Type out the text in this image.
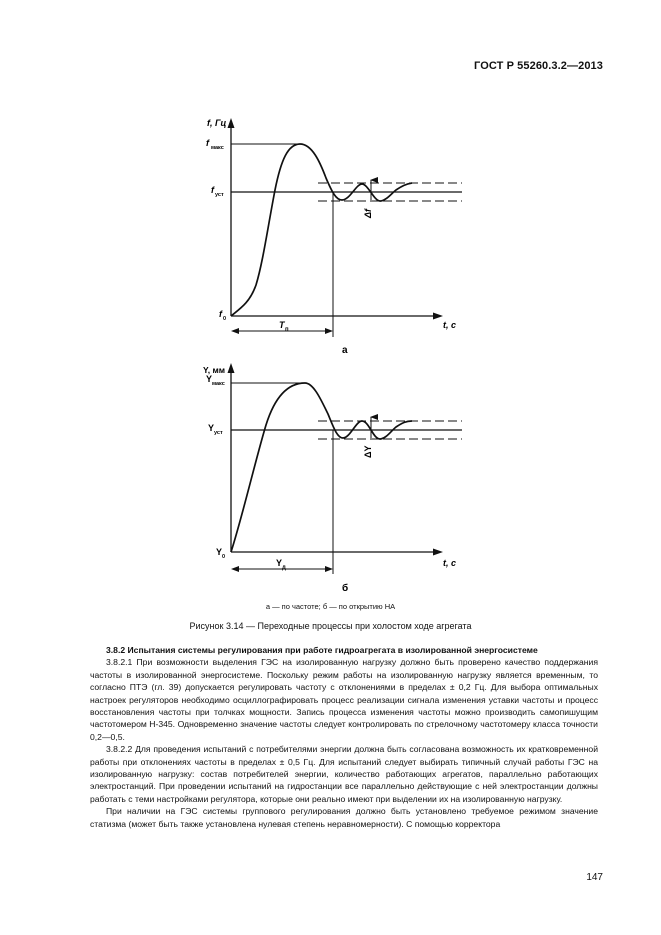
ГОСТ Р 55260.3.2—2013
f, Гц
f макс
f уст
f 0
t, c
T п
Δf
а
Y, мм
Y макс
Y уст
Y 0
t, c
Y д
ΔY
б
а — по частоте; б — по открытию НА
Рисунок 3.14 — Переходные процессы при холостом ходе агрегата

3.8.2 Испытания системы регулирования при работе гидроагрегата в изолированной энергосистеме

3.8.2.1 При возможности выделения ГЭС на изолированную нагрузку должно быть проверено качество поддержания частоты в изолированной энергосистеме. Поскольку режим работы на изолированную нагрузку является временным, то согласно ПТЭ (гл. 39) допускается регулировать частоту с отклонениями в пределах ± 0,2 Гц. Для выбора оптимальных настроек регуляторов необходимо осциллографировать процесс реализации сигнала изменения уставки частоты и процесс восстановления частоты при толчках мощности. Запись процесса изменения частоты можно производить самопишущим частотомером Н-345. Одновременно значение частоты следует контролировать по стрелочному частотомеру класса точности 0,2—0,5.

3.8.2.2 Для проведения испытаний с потребителями энергии должна быть согласована возможность их кратковременной работы при отклонениях частоты в пределах ± 0,5 Гц. Для испытаний следует выбирать типичный случай работы ГЭС на изолированную нагрузку: состав потребителей энергии, количество работающих агрегатов, параллельно работающих электростанций. При проведении испытаний на гидростанции все параллельно действующие с ней электростанции должны работать с теми настройками регулятора, которые они реально имеют при выделении их на изолированную нагрузку.

При наличии на ГЭС системы группового регулирования должно быть установлено требуемое режимом значение статизма (может быть также установлена нулевая степень неравномерности). С помощью корректора

147
